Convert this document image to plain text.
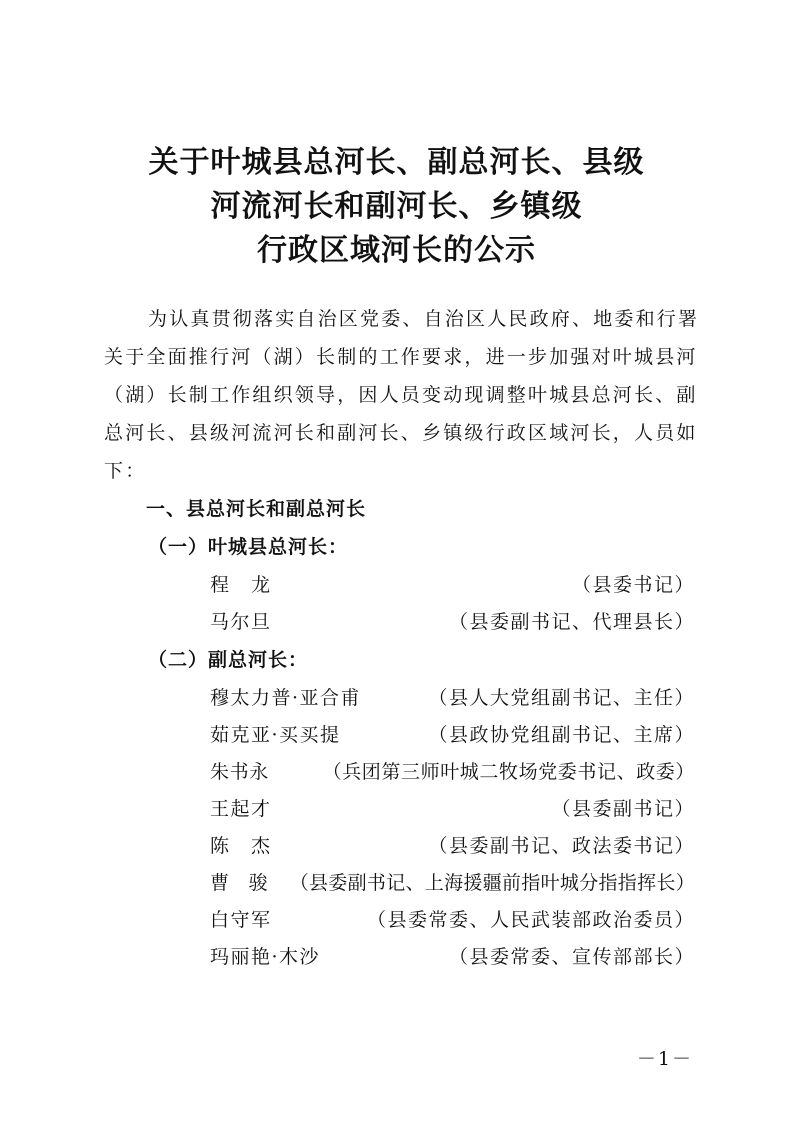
关于叶城县总河长、副总河长、县级
河流河长和副河长、乡镇级
行政区域河长的公示
为认真贯彻落实自治区党委、自治区人民政府、地委和行署
关于全面推行河（湖）长制的工作要求，进一步加强对叶城县河
（湖）长制工作组织领导，因人员变动现调整叶城县总河长、副
总河长、县级河流河长和副河长、乡镇级行政区域河长，人员如
下：
一、县总河长和副总河长
（一）叶城县总河长：
程　龙	（县委书记）
马尔旦	（县委副书记、代理县长）
（二）副总河长：
穆太力普·亚合甫	（县人大党组副书记、主任）
茹克亚·买买提	（县政协党组副书记、主席）
朱书永	（兵团第三师叶城二牧场党委书记、政委）
王起才	（县委副书记）
陈　杰	（县委副书记、政法委书记）
曹　骏 （县委副书记、上海援疆前指叶城分指指挥长）
白守军	（县委常委、人民武装部政治委员）
玛丽艳·木沙	（县委常委、宣传部部长）
－1－
